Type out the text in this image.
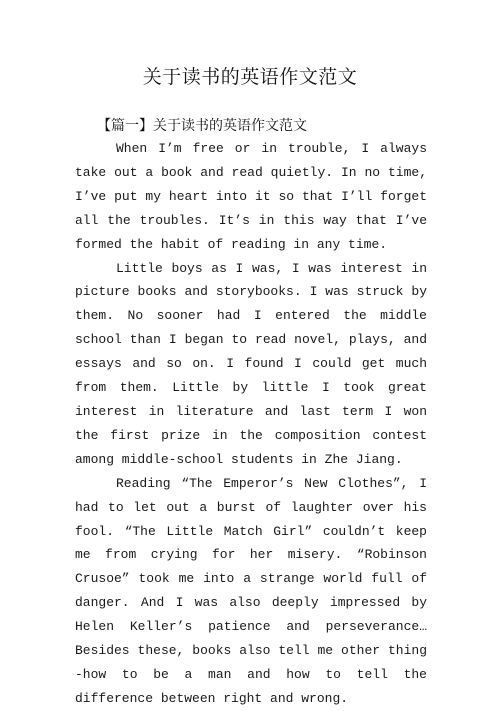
关于读书的英语作文范文
【篇一】关于读书的英语作文范文

When I’m free or in trouble, I always take out a book and read quietly. In no time, I’ve put my heart into it so that I’ll forget all the troubles. It’s in this way that I’ve formed the habit of reading in any time.

Little boys as I was, I was interest in picture books and storybooks. I was struck by them. No sooner had I entered the middle school than I began to read novel, plays, and essays and so on. I found I could get much from them. Little by little I took great interest in literature and last term I won the first prize in the composition contest among middle-school students in Zhe Jiang.

Reading “The Emperor’s New Clothes”, I had to let out a burst of laughter over his fool. “The Little Match Girl” couldn’t keep me from crying for her misery. “Robinson Crusoe” took me into a strange world full of danger. And I was also deeply impressed by Helen Keller’s patience and perseverance… Besides these, books also tell me other thing -how to be a man and how to tell the difference between right and wrong.
